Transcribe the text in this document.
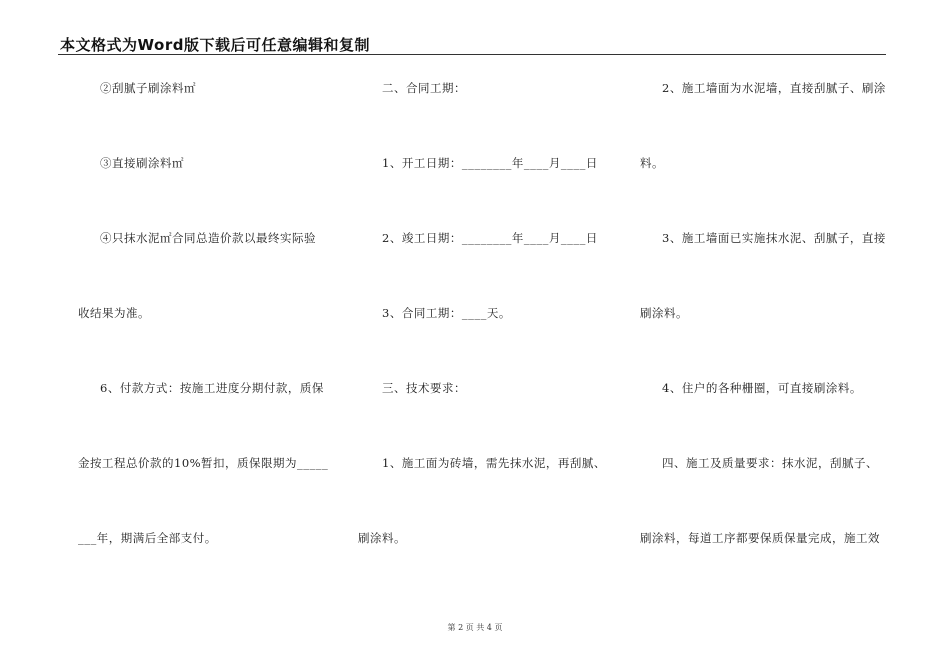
本文格式为Word版下载后可任意编辑和复制
②刮腻子刷涂料㎡
③直接刷涂料㎡
④只抹水泥㎡合同总造价款以最终实际验
收结果为准。
6、付款方式：按施工进度分期付款，质保
金按工程总价款的10%暂扣，质保限期为_____
___年，期满后全部支付。
二、合同工期：
1、开工日期：________年____月____日
2、竣工日期：________年____月____日
3、合同工期：____天。
三、技术要求：
1、施工面为砖墙，需先抹水泥，再刮腻、
刷涂料。
2、施工墙面为水泥墙，直接刮腻子、刷涂
料。
3、施工墙面已实施抹水泥、刮腻子，直接
刷涂料。
4、住户的各种栅圈，可直接刷涂料。
四、施工及质量要求：抹水泥，刮腻子、
刷涂料，每道工序都要保质保量完成，施工效
第 2 页 共 4 页
